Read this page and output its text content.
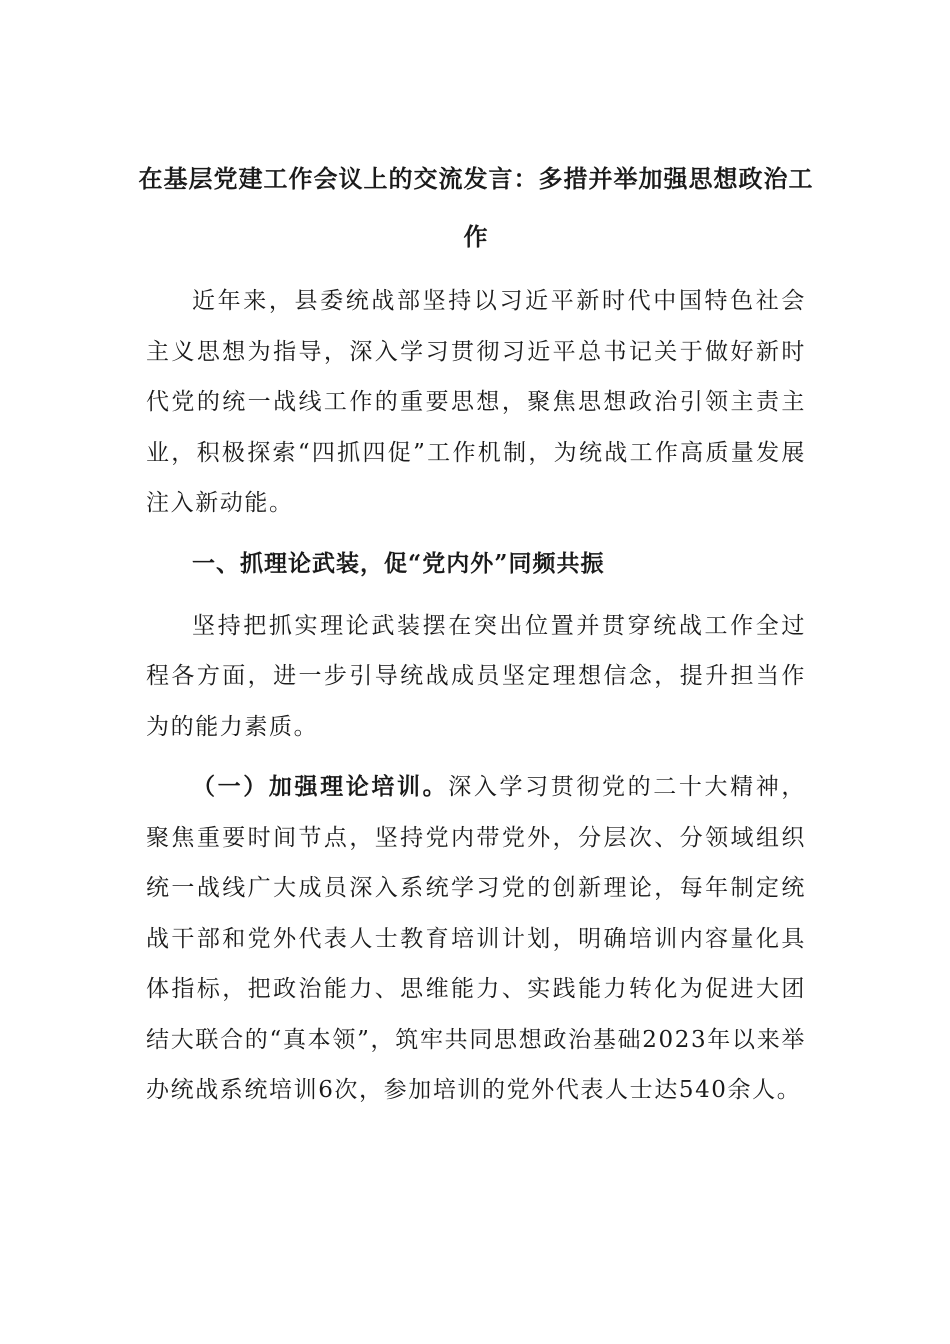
在基层党建工作会议上的交流发言：多措并举加强思想政治工作

近年来，县委统战部坚持以习近平新时代中国特色社会主义思想为指导，深入学习贯彻习近平总书记关于做好新时代党的统一战线工作的重要思想，聚焦思想政治引领主责主业，积极探索“四抓四促”工作机制，为统战工作高质量发展注入新动能。

一、抓理论武装，促“党内外”同频共振

坚持把抓实理论武装摆在突出位置并贯穿统战工作全过程各方面，进一步引导统战成员坚定理想信念，提升担当作为的能力素质。

（一）加强理论培训。深入学习贯彻党的二十大精神，聚焦重要时间节点，坚持党内带党外，分层次、分领域组织统一战线广大成员深入系统学习党的创新理论，每年制定统战干部和党外代表人士教育培训计划，明确培训内容量化具体指标，把政治能力、思维能力、实践能力转化为促进大团结大联合的“真本领”，筑牢共同思想政治基础2023年以来举办统战系统培训6次，参加培训的党外代表人士达540余人。
